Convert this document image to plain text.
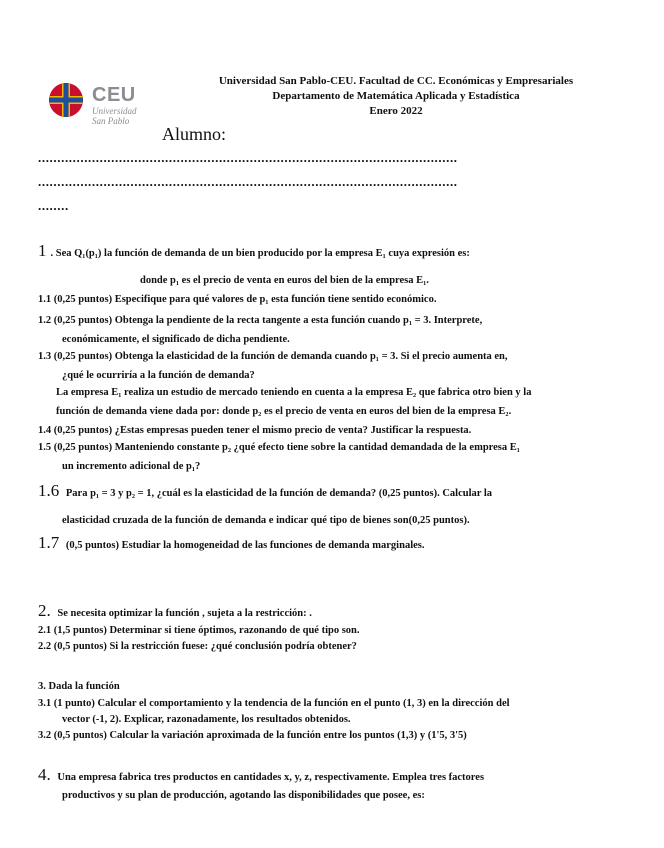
CEU
Universidad
San Pablo
Universidad San Pablo-CEU. Facultad de CC. Económicas y Empresariales
Departamento de Matemática Aplicada y Estadística
Enero 2022
Alumno:
.............................................................................................................
.............................................................................................................
........
1 . Sea Q₁(p₁) la función de demanda de un bien producido por la empresa E₁ cuya expresión es:
donde p₁ es el precio de venta en euros del bien de la empresa E₁.
1.1 (0,25 puntos) Especifique para qué valores de p₁ esta función tiene sentido económico.
1.2 (0,25 puntos) Obtenga la pendiente de la recta tangente a esta función cuando p₁ = 3. Interprete,
económicamente, el significado de dicha pendiente.
1.3 (0,25 puntos) Obtenga la elasticidad de la función de demanda cuando p₁ = 3. Si el precio aumenta en,
¿qué le ocurriría a la función de demanda?
La empresa E₁ realiza un estudio de mercado teniendo en cuenta a la empresa E₂ que fabrica otro bien y la
función de demanda viene dada por: donde p₂ es el precio de venta en euros del bien de la empresa E₂.
1.4 (0,25 puntos) ¿Estas empresas pueden tener el mismo precio de venta? Justificar la respuesta.
1.5 (0,25 puntos) Manteniendo constante p₂ ¿qué efecto tiene sobre la cantidad demandada de la empresa E₁
un incremento adicional de p₁?
1.6 Para p₁ = 3 y p₂ = 1, ¿cuál es la elasticidad de la función de demanda? (0,25 puntos). Calcular la
elasticidad cruzada de la función de demanda e indicar qué tipo de bienes son(0,25 puntos).
1.7 (0,5 puntos) Estudiar la homogeneidad de las funciones de demanda marginales.
2. Se necesita optimizar la función , sujeta a la restricción: .
2.1 (1,5 puntos) Determinar si tiene óptimos, razonando de qué tipo son.
2.2 (0,5 puntos) Si la restricción fuese: ¿qué conclusión podría obtener?
3. Dada la función
3.1 (1 punto) Calcular el comportamiento y la tendencia de la función en el punto (1, 3) en la dirección del
vector (-1, 2). Explicar, razonadamente, los resultados obtenidos.
3.2 (0,5 puntos) Calcular la variación aproximada de la función entre los puntos (1,3) y (1'5, 3'5)
4. Una empresa fabrica tres productos en cantidades x, y, z, respectivamente. Emplea tres factores
productivos y su plan de producción, agotando las disponibilidades que posee, es:
